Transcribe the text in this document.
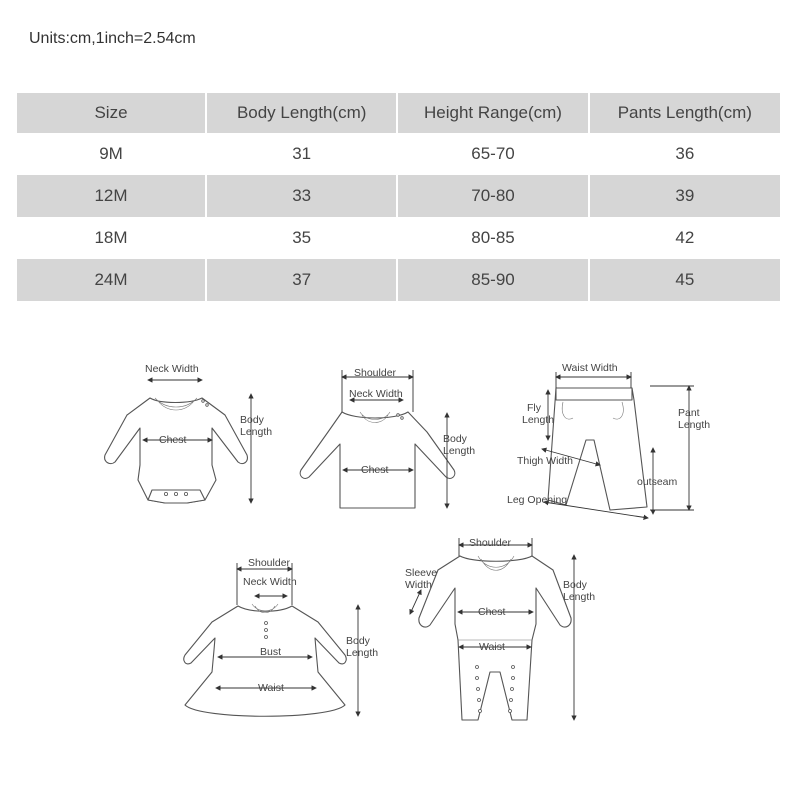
Units:cm,1inch=2.54cm
Size	Body Length(cm)	Height Range(cm)	Pants Length(cm)
9M	31	65-70	36
12M	33	70-80	39
18M	35	80-85	42
24M	37	85-90	45
Neck Width
Chest
Body
Length
Shoulder
Neck Width
Chest
Body
Length
Waist Width
Fly
Length
Pant
Length
Thigh Width
outseam
Leg Opening
Shoulder
Neck Width
Bust
Waist
Body
Length
Shoulder
Sleeve
Width
Chest
Waist
Body
Length
